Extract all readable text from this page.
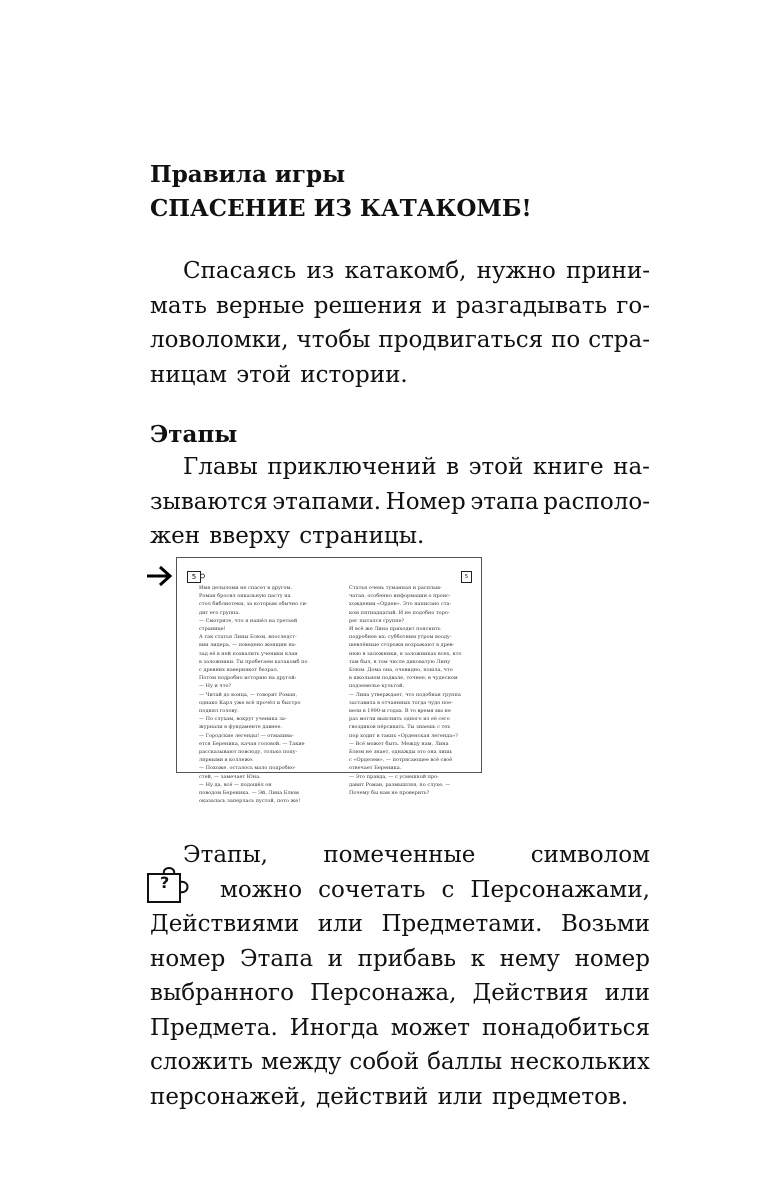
Правила игры
СПАСЕНИЕ ИЗ КАТАКОМБ!
Спасаясь из катакомб, нужно прини-
мать верные решения и разгадывать го-
ловоломки, чтобы продвигаться по стра-
ницам этой истории.
Этапы
Главы приключений в этой книге на-
зываются этапами. Номер этапа располо-
жен вверху страницы.
5	5
Имя делыломи не спасет в другом.
Роман бросил онкальную пасту на
стол библиотеки, за которым обычно си-
дит его группа.
— Смотрите, что я нашёл на третьей
странице!
А так статья Лины Блюм, впоследст-
вии лидера, — поведено женщин на-
зад её в ней похвалить ученики клан
в заложники. Ты пробегаем катакомб по
с древних наверняк‍от безрал.
Потом подробно историю на другой:
— Ну и что?
— Читай до конца, — говорит Роман,
однако Карл уже всё прочёл и быстро
поднял голову.
— По слухам, вокруг ученика за-
журнали в фундаменте давнее.
— Городские легенды! — отмахива-
ется Береника, качая головой. — Такие
рассказывают повсюду, только попу-
лярными в коллеже.
— Похоже, осталось мало подробно-
стей, — замечает Юна.
— Ну да, всё — подошёл он
поводом Береника. — Эй, Лина Блюм
оказалась заперлась пустой, пото же!
Статья очень туманная и расплыв-
чатая, особенно информации о проис-
хождении «Орден». Это написано ста-
ком пятнадцатый. И не подобно торо-
рег пытался группе?
И всё же Лина приходит пояснить
подробнее их: субботним утром вооду-
шевлённые сторожи возражают в древ-
нюю в заложники, в заложниках всех, кто
там был, в том числе диковатую Лину
Блюм. Дома она, очевидно, пошла, что
в школьном подвале, точнее, в чудесном
подземелье культой.
— Лина утверждает, что подобная группа
заставила в отчаянных тогда чудо пое-
вели в 1990-м годах. В то время мы не
раз могли выяснить одного из её сего
гвоздиков пёрсивать. Ты знаешь с тех
пор ходит в таких «Орденская легенда»?
— Всё может быть. Между нам, Лина
Блюм не знает, однажды это она лишь
с «Орделем», — потрясающее всё своё
отвечает Береника.
— Это правда, — с усмешкой про-
давит Роман, размышляя, по слухе. —
Почему бы нам не проверить?
?
Этапы, помеченные символом
можно сочетать с Персонажами,
Действиями или Предметами. Возьми
номер Этапа и прибавь к нему номер
выбранного Персонажа, Действия или
Предмета. Иногда может понадобиться
сложить между собой баллы нескольких
персонажей, действий или предметов.
